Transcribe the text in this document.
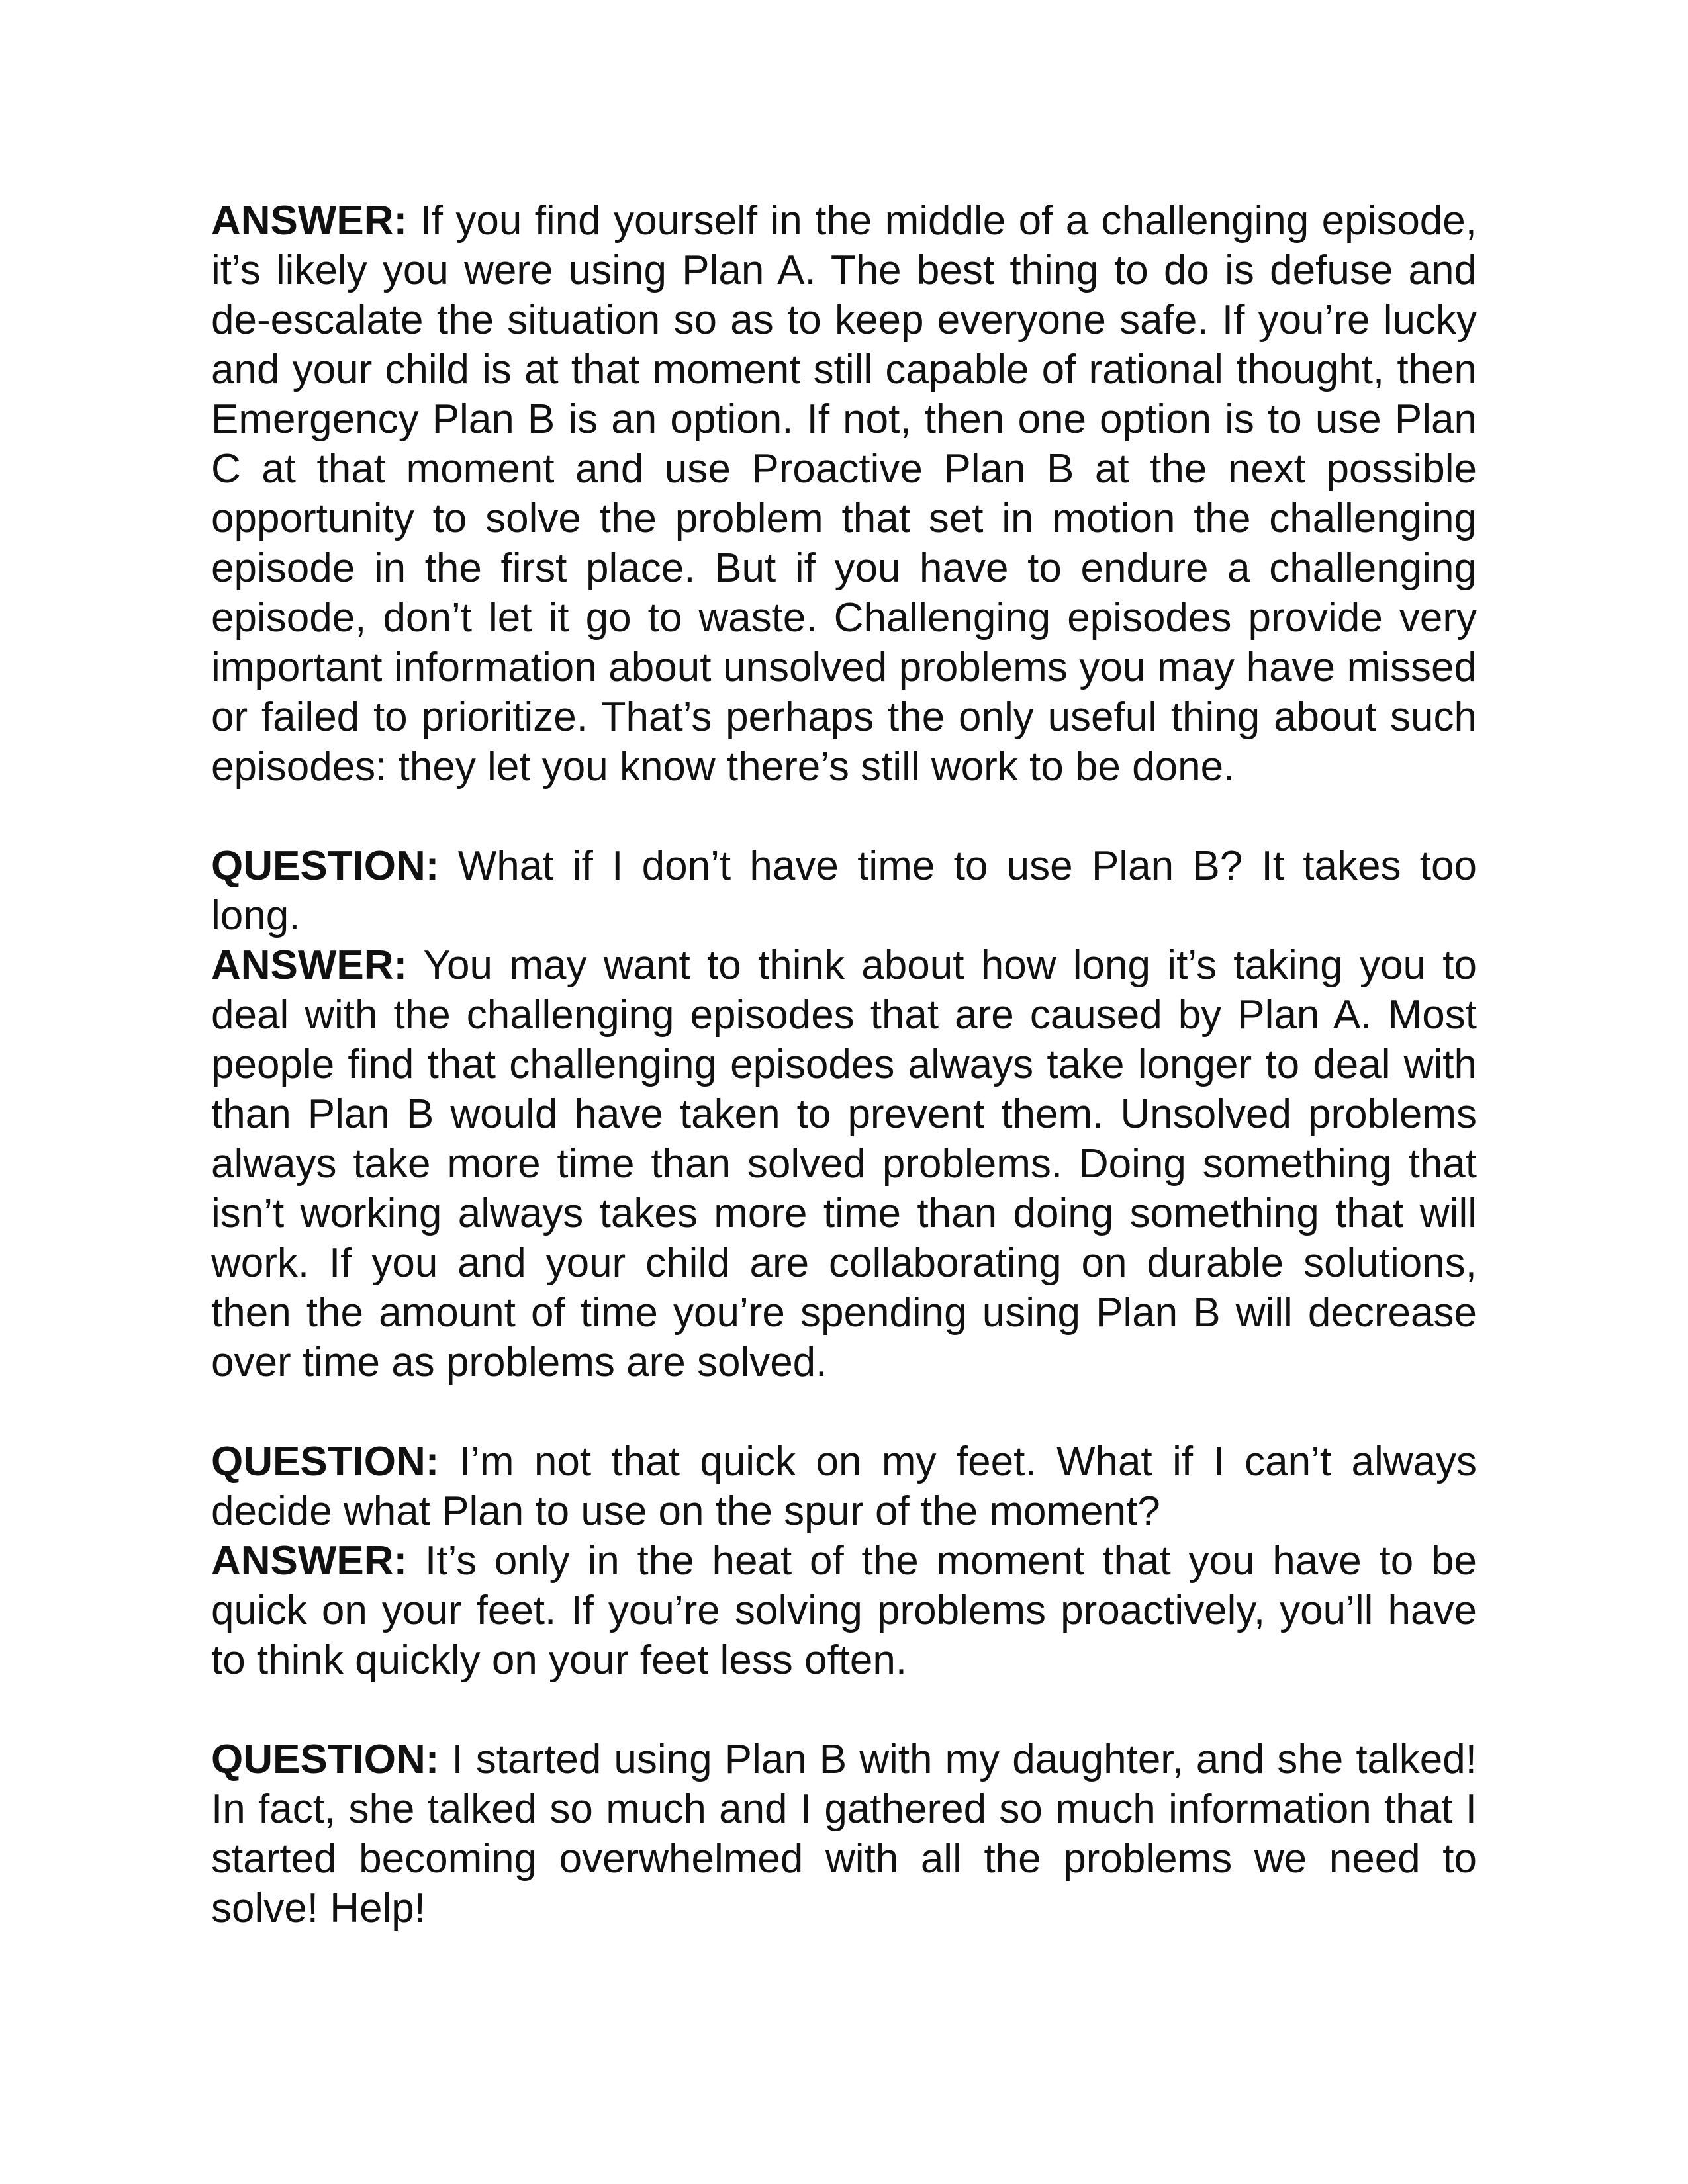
ANSWER: If you find yourself in the middle of a challenging episode, it’s likely you were using Plan A. The best thing to do is defuse and de-escalate the situation so as to keep everyone safe. If you’re lucky and your child is at that moment still capable of rational thought, then Emergency Plan B is an option. If not, then one option is to use Plan C at that moment and use Proactive Plan B at the next possible opportunity to solve the problem that set in motion the challenging episode in the first place. But if you have to endure a challenging episode, don’t let it go to waste. Challenging episodes provide very important information about unsolved problems you may have missed or failed to prioritize. That’s perhaps the only useful thing about such episodes: they let you know there’s still work to be done.

QUESTION: What if I don’t have time to use Plan B? It takes too long.

ANSWER: You may want to think about how long it’s taking you to deal with the challenging episodes that are caused by Plan A. Most people find that challenging episodes always take longer to deal with than Plan B would have taken to prevent them. Unsolved problems always take more time than solved problems. Doing something that isn’t working always takes more time than doing something that will work. If you and your child are collaborating on durable solutions, then the amount of time you’re spending using Plan B will decrease over time as problems are solved.

QUESTION: I’m not that quick on my feet. What if I can’t always decide what Plan to use on the spur of the moment?

ANSWER: It’s only in the heat of the moment that you have to be quick on your feet. If you’re solving problems proactively, you’ll have to think quickly on your feet less often.

QUESTION: I started using Plan B with my daughter, and she talked! In fact, she talked so much and I gathered so much information that I started becoming overwhelmed with all the problems we need to solve! Help!
